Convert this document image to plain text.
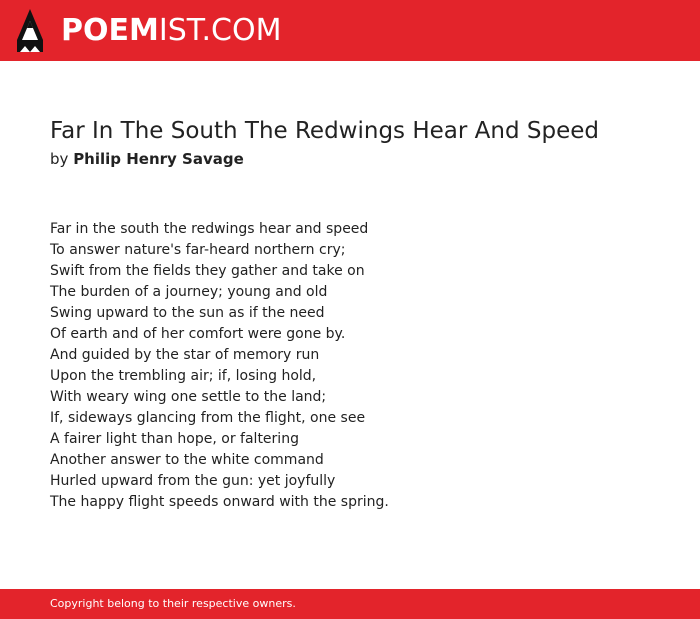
POEMIST.COM
Far In The South The Redwings Hear And Speed
by Philip Henry Savage
Far in the south the redwings hear and speed
To answer nature's far-heard northern cry;
Swift from the fields they gather and take on
The burden of a journey; young and old
Swing upward to the sun as if the need
Of earth and of her comfort were gone by.
And guided by the star of memory run
Upon the trembling air; if, losing hold,
With weary wing one settle to the land;
If, sideways glancing from the flight, one see
A fairer light than hope, or faltering
Another answer to the white command
Hurled upward from the gun: yet joyfully
The happy flight speeds onward with the spring.
Copyright belong to their respective owners.
